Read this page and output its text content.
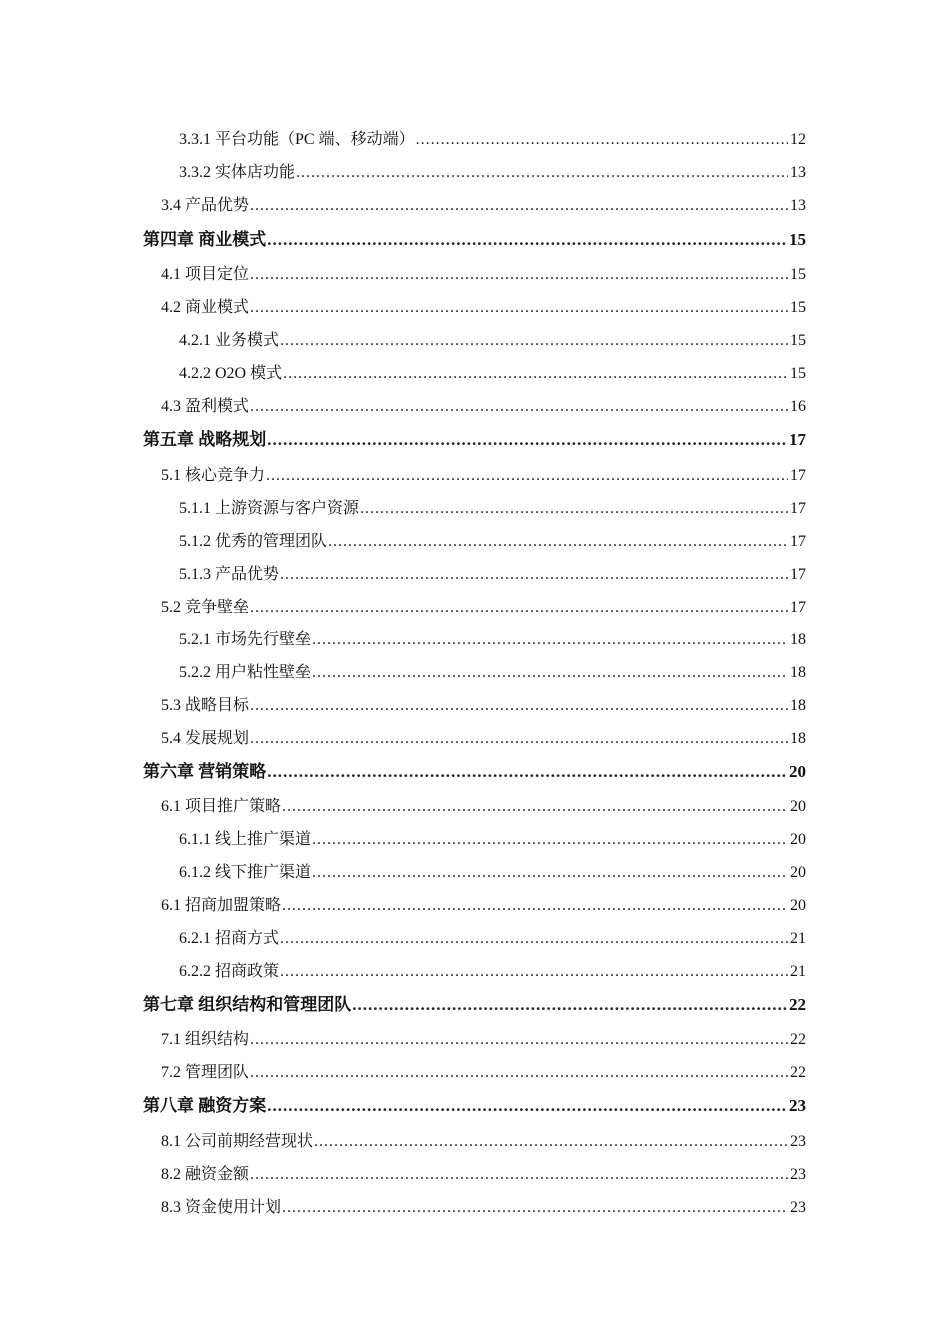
3.3.1 平台功能（PC 端、移动端） .....	12
3.3.2 实体店功能 .....	13
3.4 产品优势 .....	13
第四章 商业模式 .....	15
4.1 项目定位 .....	15
4.2 商业模式 .....	15
4.2.1 业务模式 .....	15
4.2.2 O2O 模式 .....	15
4.3 盈利模式 .....	16
第五章 战略规划 .....	17
5.1 核心竞争力 .....	17
5.1.1 上游资源与客户资源 .....	17
5.1.2 优秀的管理团队 .....	17
5.1.3 产品优势 .....	17
5.2 竞争壁垒 .....	17
5.2.1 市场先行壁垒 .....	18
5.2.2 用户粘性壁垒 .....	18
5.3 战略目标 .....	18
5.4 发展规划 .....	18
第六章 营销策略 .....	20
6.1 项目推广策略 .....	20
6.1.1 线上推广渠道 .....	20
6.1.2 线下推广渠道 .....	20
6.1 招商加盟策略 .....	20
6.2.1 招商方式 .....	21
6.2.2 招商政策 .....	21
第七章 组织结构和管理团队 .....	22
7.1 组织结构 .....	22
7.2 管理团队 .....	22
第八章 融资方案 .....	23
8.1 公司前期经营现状 .....	23
8.2 融资金额 .....	23
8.3 资金使用计划 .....	23
